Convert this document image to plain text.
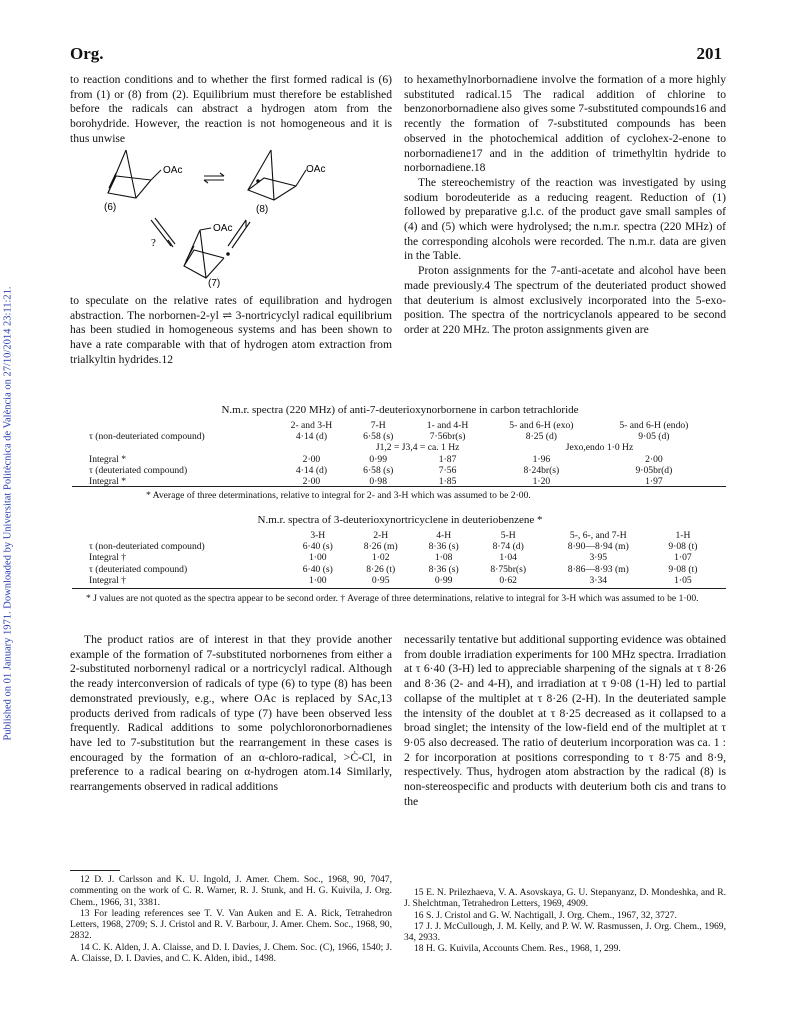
Org.	201
Published on 01 January 1971. Downloaded by Universitat Politècnica de València on 27/10/2014 23:11:21.

to reaction conditions and to whether the first formed radical is (6) from (1) or (8) from (2). Equilibrium must therefore be established before the radicals can abstract a hydrogen atom from the borohydride. However, the reaction is not homogeneous and it is thus unwise

OAc
(6)
OAc
(8)
?
OAc
(7)

to speculate on the relative rates of equilibration and hydrogen abstraction. The norbornen-2-yl ⇌ 3-nortricyclyl radical equilibrium has been studied in homogeneous systems and has been shown to have a rate comparable with that of hydrogen atom extraction from trialkyltin hydrides.12

to hexamethylnorbornadiene involve the formation of a more highly substituted radical.15 The radical addition of chlorine to benzonorbornadiene also gives some 7-substituted compounds16 and recently the formation of 7-substituted compounds has been observed in the photochemical addition of cyclohex-2-enone to norbornadiene17 and in the addition of trimethyltin hydride to norbornadiene.18

The stereochemistry of the reaction was investigated by using sodium borodeuteride as a reducing reagent. Reduction of (1) followed by preparative g.l.c. of the product gave small samples of (4) and (5) which were hydrolysed; the n.m.r. spectra (220 MHz) of the corresponding alcohols were recorded. The n.m.r. data are given in the Table.

Proton assignments for the 7-anti-acetate and alcohol have been made previously.4 The spectrum of the deuteriated product showed that deuterium is almost exclusively incorporated into the 5-exo-position. The spectra of the nortricyclanols appeared to be second order at 220 MHz. The proton assignments given are

N.m.r. spectra (220 MHz) of anti-7-deuterioxynorbornene in carbon tetrachloride
	2- and 3-H	7-H	1- and 4-H	5- and 6-H (exo)	5- and 6-H (endo)
τ (non-deuteriated compound)	4·14 (d)	6·58 (s)	7·56br(s)	8·25 (d)	9·05 (d)
		J1,2 = J3,4 = ca. 1 Hz		Jexo,endo 1·0 Hz	
Integral *	2·00	0·99	1·87	1·96	2·00
τ (deuteriated compound)	4·14 (d)	6·58 (s)	7·56	8·24br(s)	9·05br(d)
Integral *	2·00	0·98	1·85	1·20	1·97
* Average of three determinations, relative to integral for 2- and 3-H which was assumed to be 2·00.
N.m.r. spectra of 3-deuterioxynortricyclene in deuteriobenzene *
	3-H	2-H	4-H	5-H	5-, 6-, and 7-H	1-H
τ (non-deuteriated compound)	6·40 (s)	8·26 (m)	8·36 (s)	8·74 (d)	8·90—8·94 (m)	9·08 (t)
Integral †	1·00	1·02	1·08	1·04	3·95	1·07
τ (deuteriated compound)	6·40 (s)	8·26 (t)	8·36 (s)	8·75br(s)	8·86—8·93 (m)	9·08 (t)
Integral †	1·00	0·95	0·99	0·62	3·34	1·05
* J values are not quoted as the spectra appear to be second order. † Average of three determinations, relative to integral for 3-H which was assumed to be 1·00.

The product ratios are of interest in that they provide another example of the formation of 7-substituted norbornenes from either a 2-substituted norbornenyl radical or a nortricyclyl radical. Although the ready interconversion of radicals of type (6) to type (8) has been demonstrated previously, e.g., where OAc is replaced by SAc,13 products derived from radicals of type (7) have been observed less frequently. Radical additions to some polychloronorbornadienes have led to 7-substitution but the rearrangement in these cases is encouraged by the formation of an α-chloro-radical, >Ċ-Cl, in preference to a radical bearing on α-hydrogen atom.14 Similarly, rearrangements observed in radical additions

necessarily tentative but additional supporting evidence was obtained from double irradiation experiments for 100 MHz spectra. Irradiation at τ 6·40 (3-H) led to appreciable sharpening of the signals at τ 8·26 and 8·36 (2- and 4-H), and irradiation at τ 9·08 (1-H) led to partial collapse of the multiplet at τ 8·26 (2-H). In the deuteriated sample the intensity of the doublet at τ 8·25 decreased as it collapsed to a broad singlet; the intensity of the low-field end of the multiplet at τ 9·05 also decreased. The ratio of deuterium incorporation was ca. 1 : 2 for incorporation at positions corresponding to τ 8·75 and 8·9, respectively. Thus, hydrogen atom abstraction by the radical (8) is non-stereospecific and products with deuterium both cis and trans to the

12 D. J. Carlsson and K. U. Ingold, J. Amer. Chem. Soc., 1968, 90, 7047, commenting on the work of C. R. Warner, R. J. Stunk, and H. G. Kuivila, J. Org. Chem., 1966, 31, 3381.

13 For leading references see T. V. Van Auken and E. A. Rick, Tetrahedron Letters, 1968, 2709; S. J. Cristol and R. V. Barbour, J. Amer. Chem. Soc., 1968, 90, 2832.

14 C. K. Alden, J. A. Claisse, and D. I. Davies, J. Chem. Soc. (C), 1966, 1540; J. A. Claisse, D. I. Davies, and C. K. Alden, ibid., 1498.

15 E. N. Prilezhaeva, V. A. Asovskaya, G. U. Stepanyanz, D. Mondeshka, and R. J. Shelchtman, Tetrahedron Letters, 1969, 4909.

16 S. J. Cristol and G. W. Nachtigall, J. Org. Chem., 1967, 32, 3727.

17 J. J. McCullough, J. M. Kelly, and P. W. W. Rasmussen, J. Org. Chem., 1969, 34, 2933.

18 H. G. Kuivila, Accounts Chem. Res., 1968, 1, 299.
